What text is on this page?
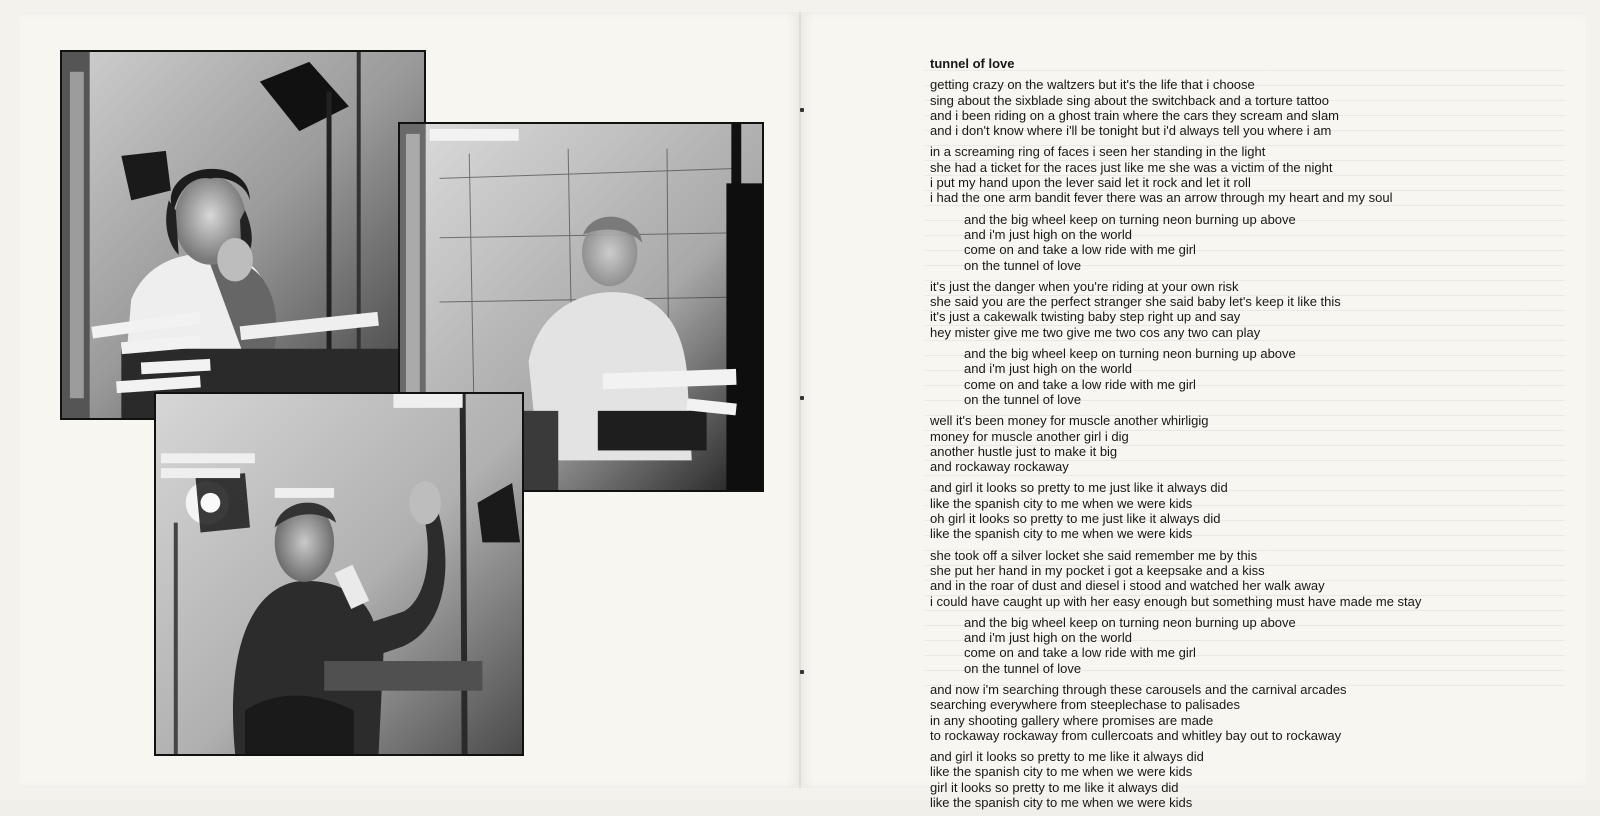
tunnel of love
getting crazy on the waltzers but it's the life that i choose
sing about the sixblade sing about the switchback and a torture tattoo
and i been riding on a ghost train where the cars they scream and slam
and i don't know where i'll be tonight but i'd always tell you where i am
in a screaming ring of faces i seen her standing in the light
she had a ticket for the races just like me she was a victim of the night
i put my hand upon the lever said let it rock and let it roll
i had the one arm bandit fever there was an arrow through my heart and my soul
and the big wheel keep on turning neon burning up above
and i'm just high on the world
come on and take a low ride with me girl
on the tunnel of love
it's just the danger when you're riding at your own risk
she said you are the perfect stranger she said baby let's keep it like this
it's just a cakewalk twisting baby step right up and say
hey mister give me two give me two cos any two can play
and the big wheel keep on turning neon burning up above
and i'm just high on the world
come on and take a low ride with me girl
on the tunnel of love
well it's been money for muscle another whirligig
money for muscle another girl i dig
another hustle just to make it big
and rockaway rockaway
and girl it looks so pretty to me just like it always did
like the spanish city to me when we were kids
oh girl it looks so pretty to me just like it always did
like the spanish city to me when we were kids
she took off a silver locket she said remember me by this
she put her hand in my pocket i got a keepsake and a kiss
and in the roar of dust and diesel i stood and watched her walk away
i could have caught up with her easy enough but something must have made me stay
and the big wheel keep on turning neon burning up above
and i'm just high on the world
come on and take a low ride with me girl
on the tunnel of love
and now i'm searching through these carousels and the carnival arcades
searching everywhere from steeplechase to palisades
in any shooting gallery where promises are made
to rockaway rockaway from cullercoats and whitley bay out to rockaway
and girl it looks so pretty to me like it always did
like the spanish city to me when we were kids
girl it looks so pretty to me like it always did
like the spanish city to me when we were kids
